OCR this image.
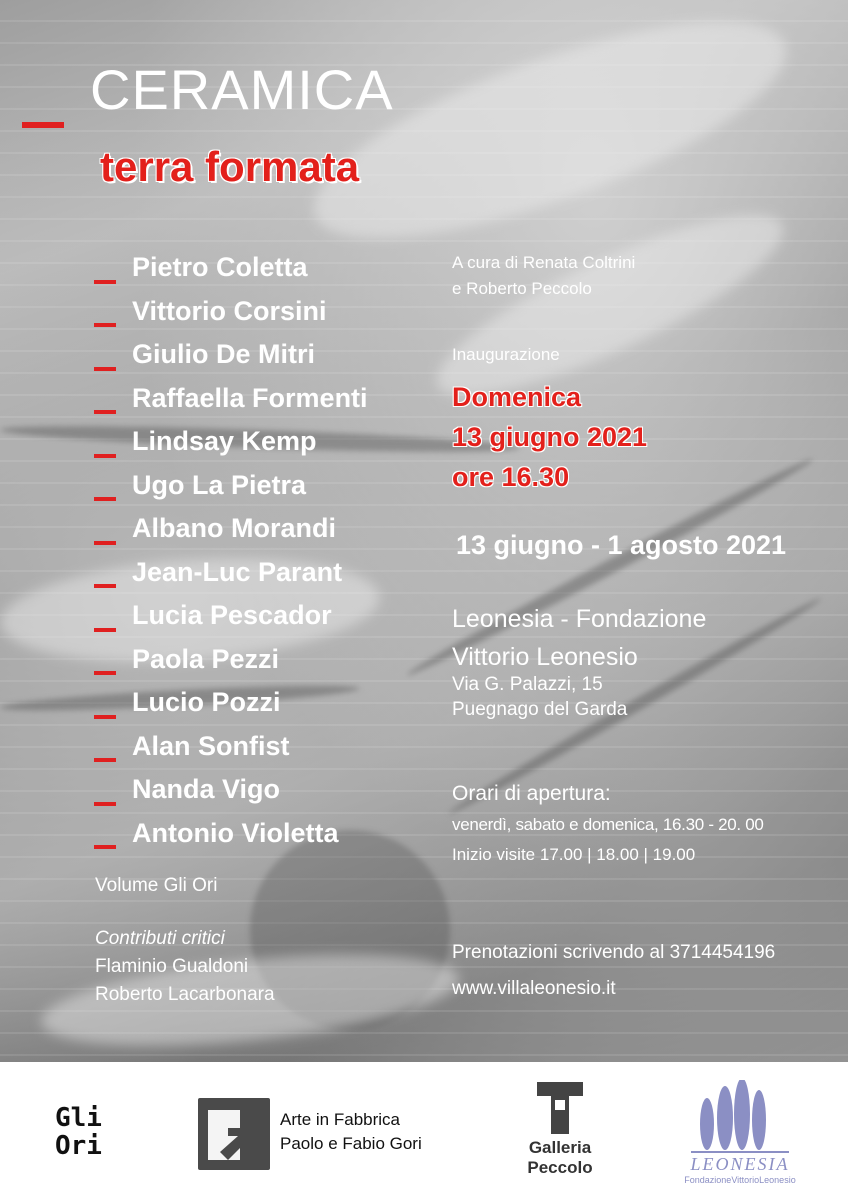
CERAMICA
terra formata
Pietro Coletta
Vittorio Corsini
Giulio De Mitri
Raffaella Formenti
Lindsay Kemp
Ugo La Pietra
Albano Morandi
Jean-Luc Parant
Lucia Pescador
Paola Pezzi
Lucio Pozzi
Alan Sonfist
Nanda Vigo
Antonio Violetta
Volume Gli Ori
Contributi critici
Flaminio Gualdoni
Roberto Lacarbonara
A cura di Renata Coltrini
e Roberto Peccolo
Inaugurazione
Domenica
13 giugno 2021
ore 16.30
13 giugno - 1 agosto 2021
Leonesia - Fondazione
Vittorio Leonesio
Via G. Palazzi, 15
Puegnago del Garda
Orari di apertura:
venerdì, sabato e domenica, 16.30 - 20. 00
Inizio visite 17.00 | 18.00 | 19.00
Prenotazioni scrivendo al 3714454196
www.villaleonesio.it
Gli
Ori
Arte in Fabbrica
Paolo e Fabio Gori	Galleria
Peccolo	LEONESIA
FondazioneVittorioLeonesio
